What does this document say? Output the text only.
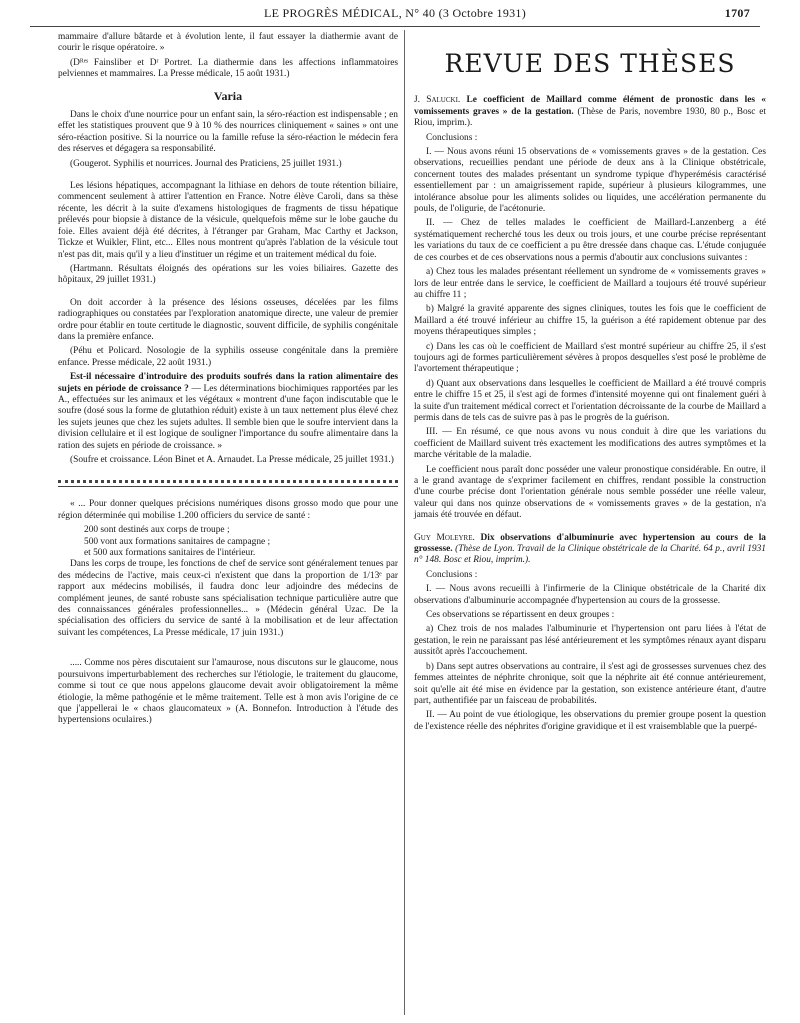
LE PROGRÈS MÉDICAL, N° 40 (3 Octobre 1931)	1707

mammaire d'allure bâtarde et à évolution lente, il faut essayer la diathermie avant de courir le risque opératoire. »

(Dᴿᵉˢ Fainsliber et Dʳ Portret. La diathermie dans les affections inflammatoires pelviennes et mammaires. La Presse médicale, 15 août 1931.)

Varia

Dans le choix d'une nourrice pour un enfant sain, la séro-réaction est indispensable ; en effet les statistiques prouvent que 9 à 10 % des nourrices cliniquement « saines » ont une séro-réaction positive. Si la nourrice ou la famille refuse la séro-réaction le médecin fera des réserves et dégagera sa responsabilité.

(Gougerot. Syphilis et nourrices. Journal des Praticiens, 25 juillet 1931.)

Les lésions hépatiques, accompagnant la lithiase en dehors de toute rétention biliaire, commencent seulement à attirer l'attention en France. Notre élève Caroli, dans sa thèse récente, les décrit à la suite d'examens histologiques de fragments de tissu hépatique prélevés pour biopsie à distance de la vésicule, quelquefois même sur le lobe gauche du foie. Elles avaient déjà été décrites, à l'étranger par Graham, Mac Carthy et Jackson, Tickze et Wuikler, Flint, etc... Elles nous montrent qu'après l'ablation de la vésicule tout n'est pas dit, mais qu'il y a lieu d'instituer un régime et un traitement médical du foie.

(Hartmann. Résultats éloignés des opérations sur les voies biliaires. Gazette des hôpitaux, 29 juillet 1931.)

On doit accorder à la présence des lésions osseuses, décelées par les films radiographiques ou constatées par l'exploration anatomique directe, une valeur de premier ordre pour établir en toute certitude le diagnostic, souvent difficile, de syphilis congénitale dans la première enfance.

(Péhu et Policard. Nosologie de la syphilis osseuse congénitale dans la première enfance. Presse médicale, 22 août 1931.)

Est-il nécessaire d'introduire des produits soufrés dans la ration alimentaire des sujets en période de croissance ? — Les déterminations biochimiques rapportées par les A., effectuées sur les animaux et les végétaux « montrent d'une façon indiscutable que le soufre (dosé sous la forme de glutathion réduit) existe à un taux nettement plus élevé chez les sujets jeunes que chez les sujets adultes. Il semble bien que le soufre intervient dans la division cellulaire et il est logique de souligner l'importance du soufre alimentaire dans la ration des sujets en période de croissance. »

(Soufre et croissance. Léon Binet et A. Arnaudet. La Presse médicale, 25 juillet 1931.)

« ... Pour donner quelques précisions numériques disons grosso modo que pour une région déterminée qui mobilise 1.200 officiers du service de santé :

200 sont destinés aux corps de troupe ;

500 vont aux formations sanitaires de campagne ;

et 500 aux formations sanitaires de l'intérieur.

Dans les corps de troupe, les fonctions de chef de service sont généralement tenues par des médecins de l'active, mais ceux-ci n'existent que dans la proportion de 1/13ᵉ par rapport aux médecins mobilisés, il faudra donc leur adjoindre des médecins de complément jeunes, de santé robuste sans spécialisation technique particulière autre que des connaissances générales professionnelles... » (Médecin général Uzac. De la spécialisation des officiers du service de santé à la mobilisation et de leur affectation suivant les compétences, La Presse médicale, 17 juin 1931.)

..... Comme nos pères discutaient sur l'amaurose, nous discutons sur le glaucome, nous poursuivons imperturbablement des recherches sur l'étiologie, le traitement du glaucome, comme si tout ce que nous appelons glaucome devait avoir obligatoirement la même étiologie, la même pathogénie et le même traitement. Telle est à mon avis l'origine de ce que j'appellerai le « chaos glaucomateux » (A. Bonnefon. Introduction à l'étude des hypertensions oculaires.)

REVUE DES THÈSES

J. Salucki. Le coefficient de Maillard comme élément de pronostic dans les « vomissements graves » de la gestation. (Thèse de Paris, novembre 1930, 80 p., Bosc et Riou, imprim.).

Conclusions :

I. — Nous avons réuni 15 observations de « vomissements graves » de la gestation. Ces observations, recueillies pendant une période de deux ans à la Clinique obstétricale, concernent toutes des malades présentant un syndrome typique d'hyperémésis caractérisé essentiellement par : un amaigrissement rapide, supérieur à plusieurs kilogrammes, une intolérance absolue pour les aliments solides ou liquides, une accélération permanente du pouls, de l'oligurie, de l'acétonurie.

II. — Chez de telles malades le coefficient de Maillard-Lanzenberg a été systématiquement recherché tous les deux ou trois jours, et une courbe précise représentant les variations du taux de ce coefficient a pu être dressée dans chaque cas. L'étude conjuguée de ces courbes et de ces observations nous a permis d'aboutir aux conclusions suivantes :

a) Chez tous les malades présentant réellement un syndrome de « vomissements graves » lors de leur entrée dans le service, le coefficient de Maillard a toujours été trouvé supérieur au chiffre 11 ;

b) Malgré la gravité apparente des signes cliniques, toutes les fois que le coefficient de Maillard a été trouvé inférieur au chiffre 15, la guérison a été rapidement obtenue par des moyens thérapeutiques simples ;

c) Dans les cas où le coefficient de Maillard s'est montré supérieur au chiffre 25, il s'est toujours agi de formes particulièrement sévères à propos desquelles s'est posé le problème de l'avortement thérapeutique ;

d) Quant aux observations dans lesquelles le coefficient de Maillard a été trouvé compris entre le chiffre 15 et 25, il s'est agi de formes d'intensité moyenne qui ont finalement guéri à la suite d'un traitement médical correct et l'orientation décroissante de la courbe de Maillard a permis dans de tels cas de suivre pas à pas le progrès de la guérison.

III. — En résumé, ce que nous avons vu nous conduit à dire que les variations du coefficient de Maillard suivent très exactement les modifications des autres symptômes et la marche véritable de la maladie.

Le coefficient nous paraît donc posséder une valeur pronostique considérable. En outre, il a le grand avantage de s'exprimer facilement en chiffres, rendant possible la construction d'une courbe précise dont l'orientation générale nous semble posséder une réelle valeur, valeur qui dans nos quinze observations de « vomissements graves » de la gestation, n'a jamais été trouvée en défaut.

Guy Moleyre. Dix observations d'albuminurie avec hypertension au cours de la grossesse. (Thèse de Lyon. Travail de la Clinique obstétricale de la Charité. 64 p., avril 1931 n° 148. Bosc et Riou, imprim.).

Conclusions :

I. — Nous avons recueilli à l'infirmerie de la Clinique obstétricale de la Charité dix observations d'albuminurie accompagnée d'hypertension au cours de la grossesse.

Ces observations se répartissent en deux groupes :

a) Chez trois de nos malades l'albuminurie et l'hypertension ont paru liées à l'état de gestation, le rein ne paraissant pas lésé antérieurement et les symptômes rénaux ayant disparu aussitôt après l'accouchement.

b) Dans sept autres observations au contraire, il s'est agi de grossesses survenues chez des femmes atteintes de néphrite chronique, soit que la néphrite ait été connue antérieurement, soit qu'elle ait été mise en évidence par la gestation, son existence antérieure étant, d'autre part, authentifiée par un faisceau de probabilités.

II. — Au point de vue étiologique, les observations du premier groupe posent la question de l'existence réelle des néphrites d'origine gravidique et il est vraisemblable que la puerpé-
